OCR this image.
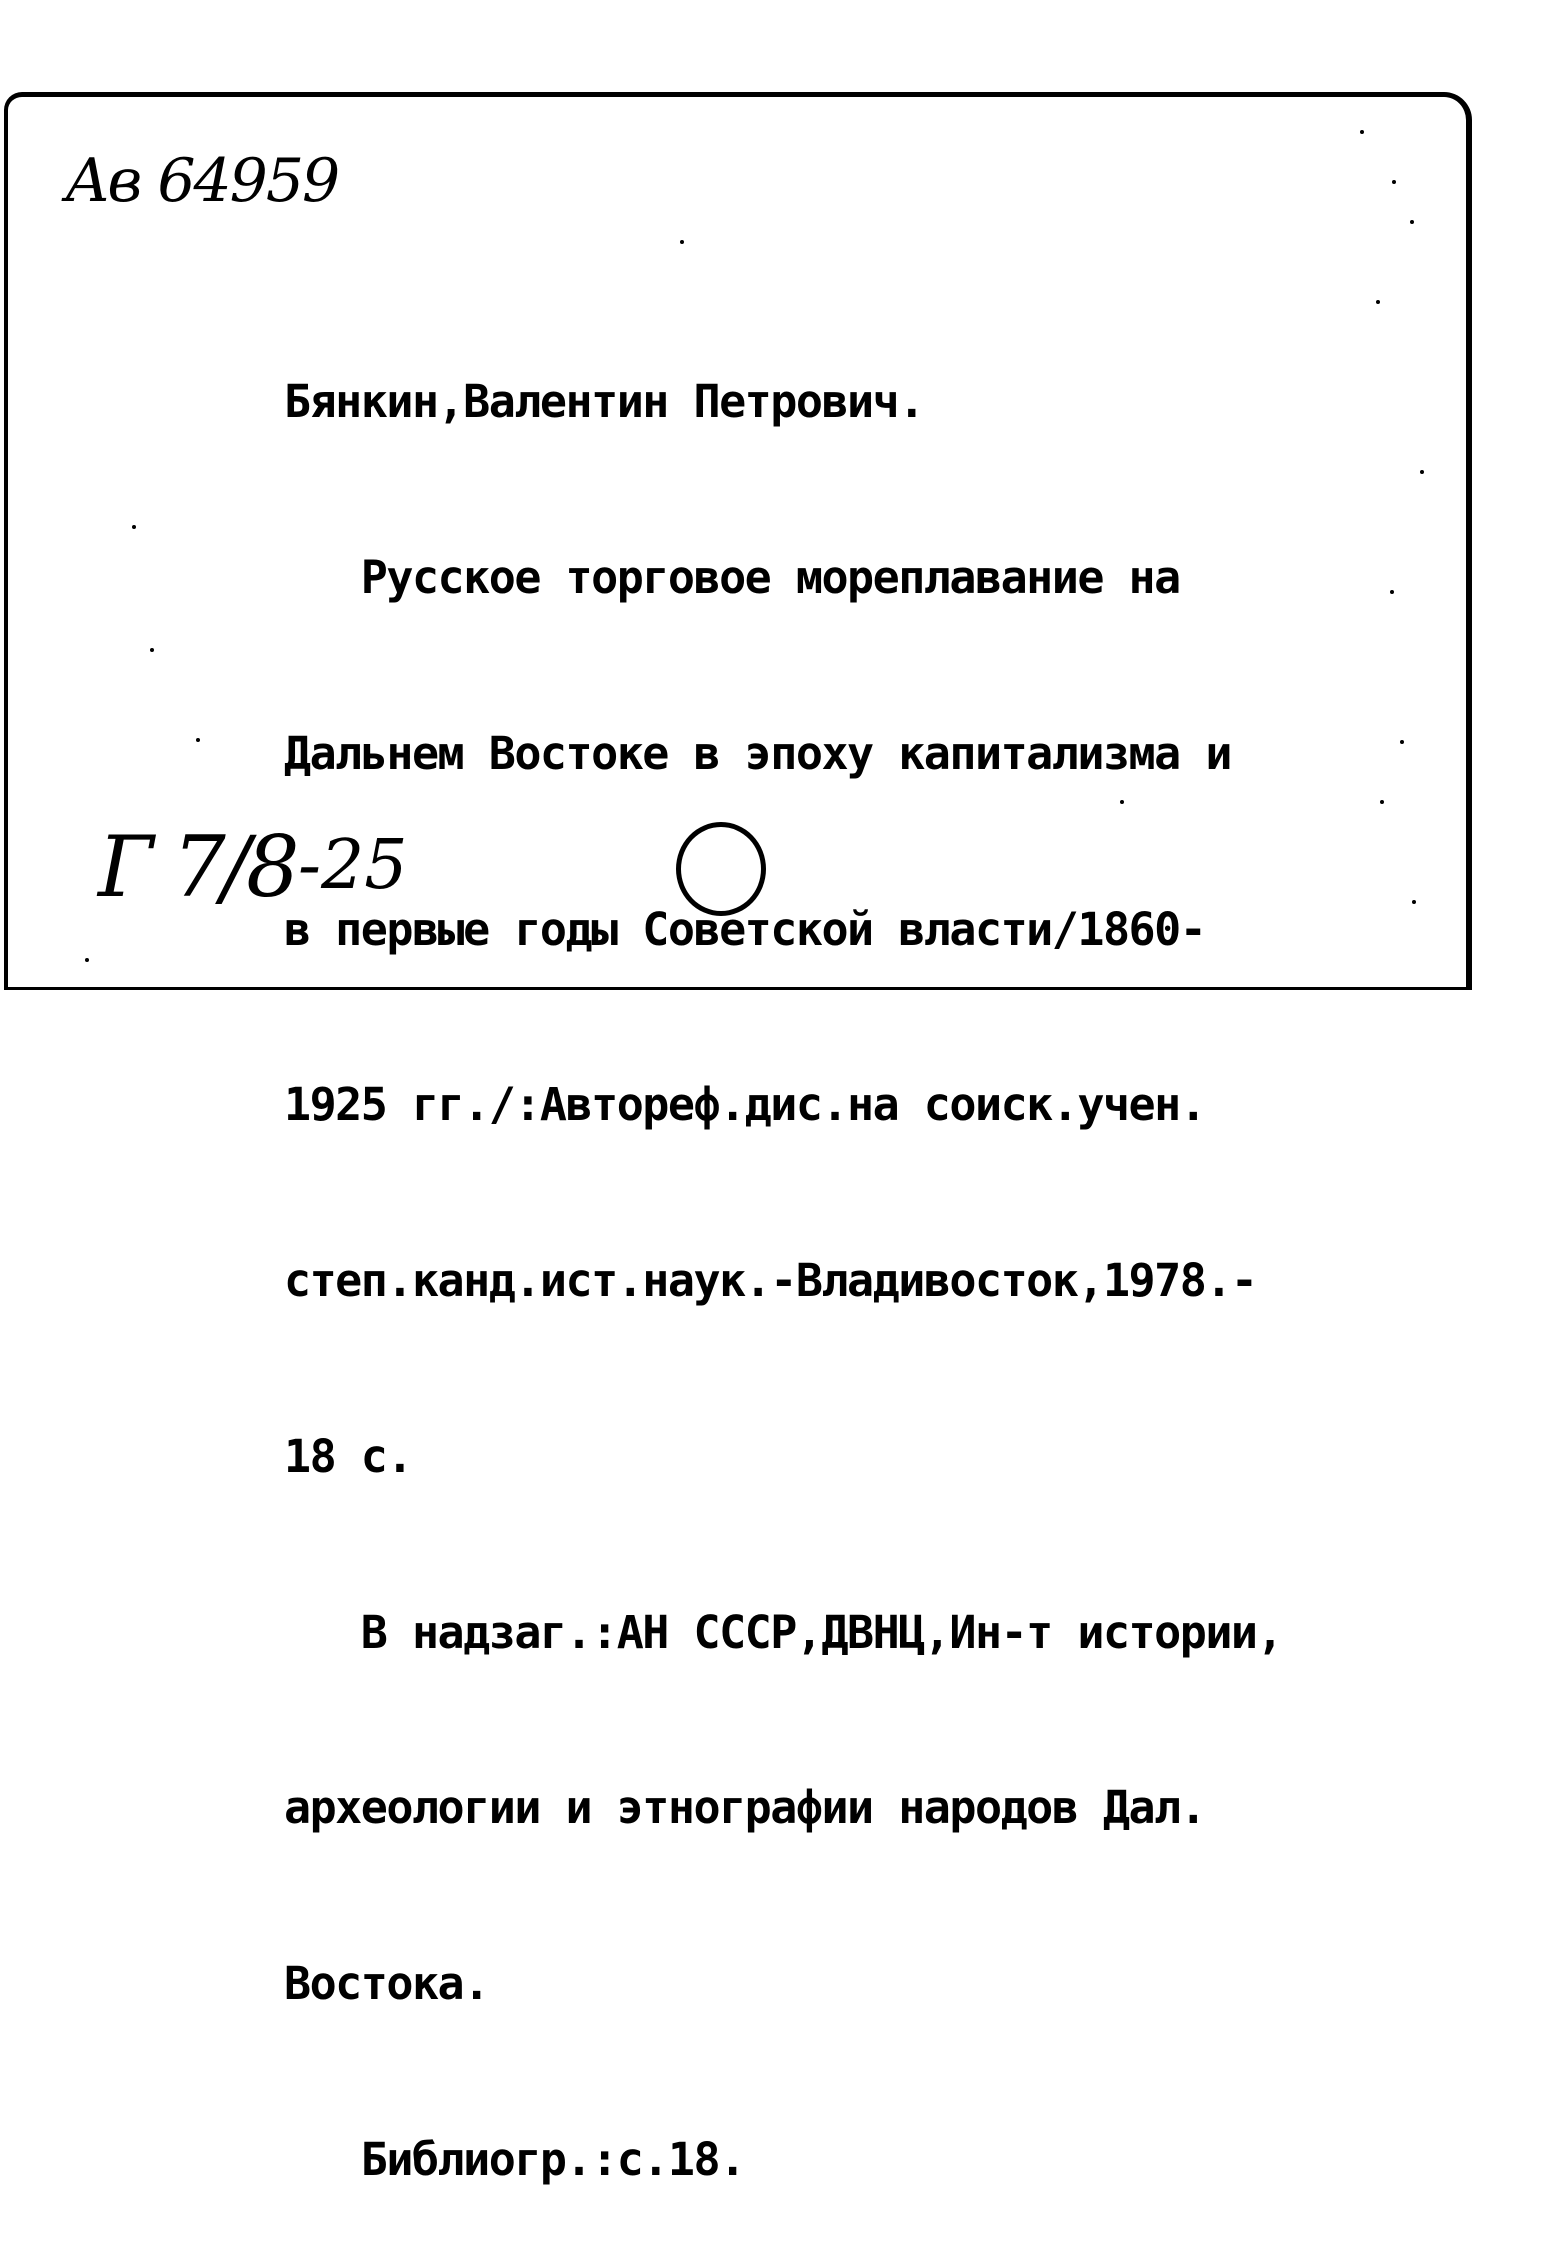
Aв 64959

Бянкин,Валентин Петрович.

Русское торговое мореплавание на

Дальнем Востоке в эпоху капитализма и

в первые годы Советской власти/1860-

1925 гг./:Автореф.дис.на соиск.учен.

степ.канд.ист.наук.-Владивосток,1978.-

18 с.

В надзаг.:АН СССР,ДВНЦ,Ин-т истории,

археологии и этнографии народов Дал.

Востока.

Библиогр.:с.18.

Г 7/8 -25
